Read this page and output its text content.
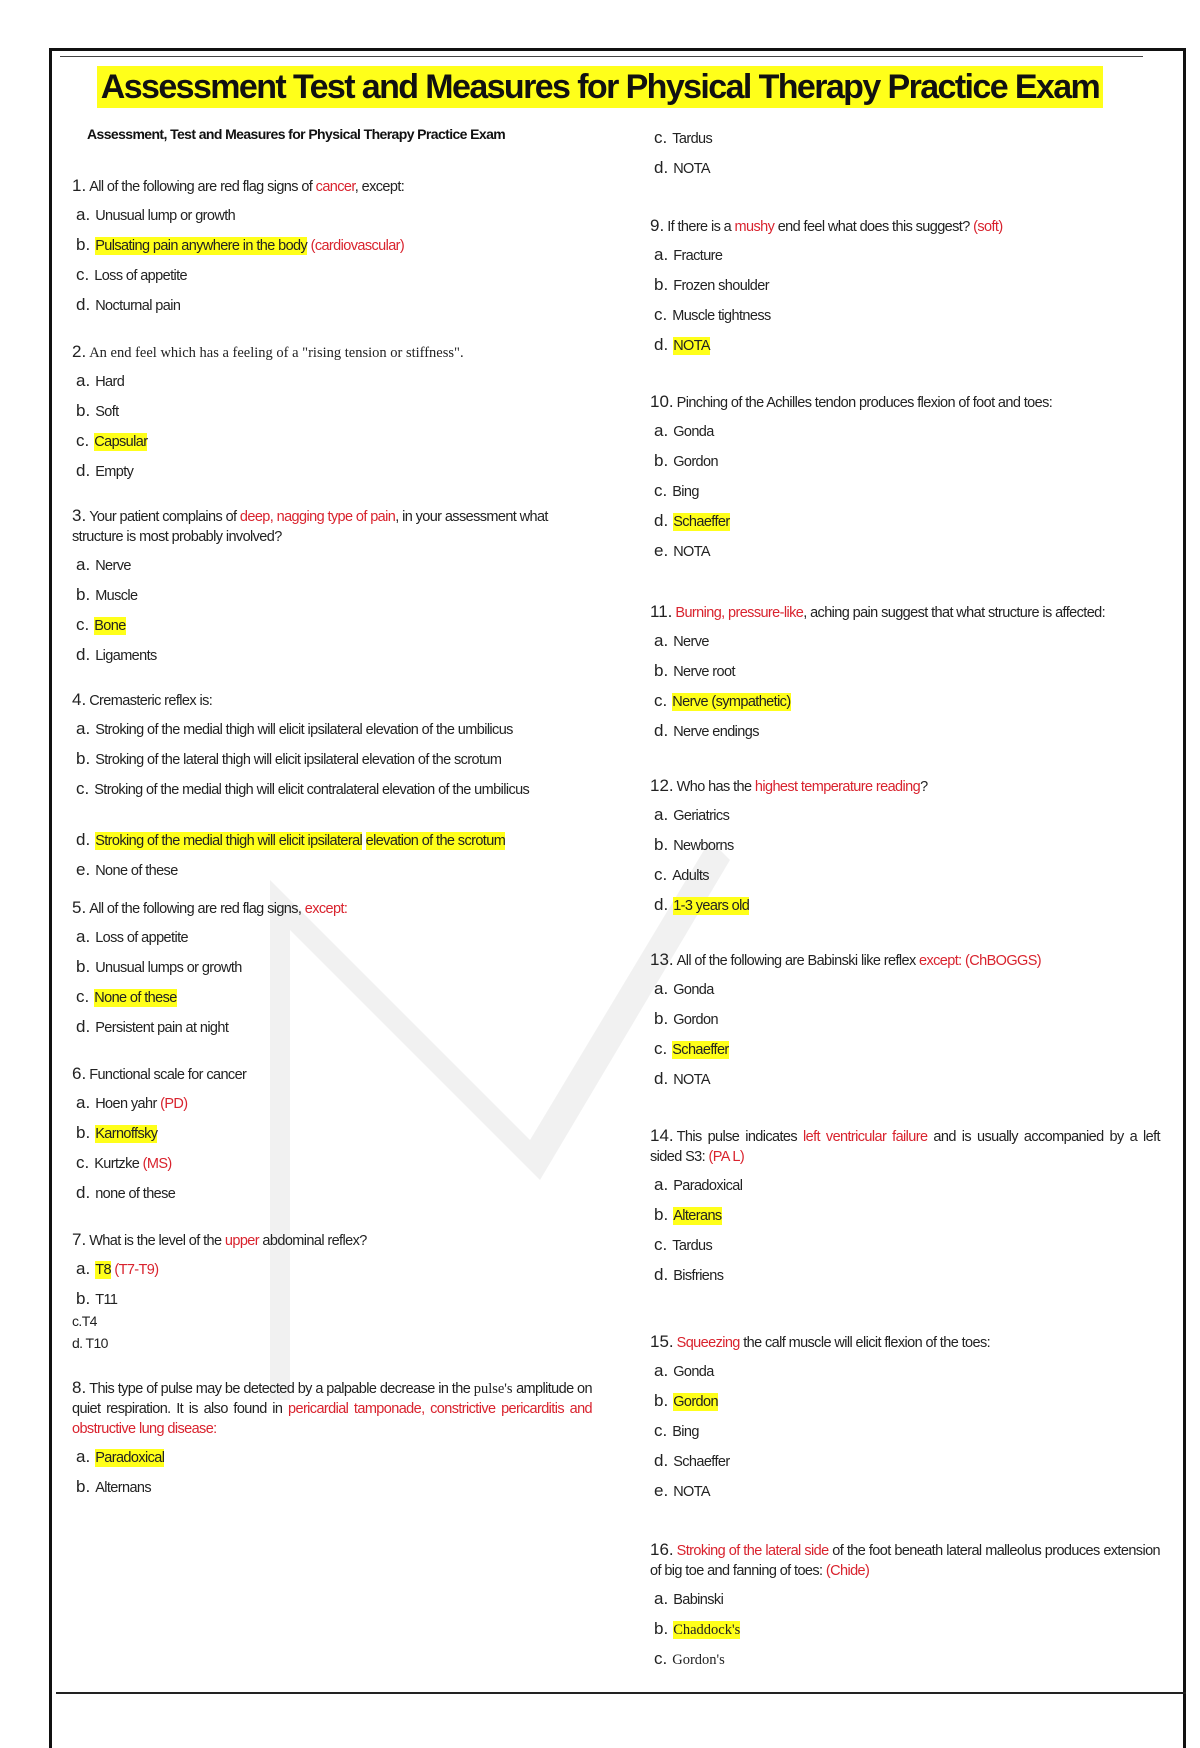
Assessment Test and Measures for Physical Therapy Practice Exam
Assessment, Test and Measures for Physical Therapy Practice Exam

1. All of the following are red flag signs of cancer, except:

a. Unusual lump or growth
b. Pulsating pain anywhere in the body (cardiovascular)
c. Loss of appetite
d. Nocturnal pain

2. An end feel which has a feeling of a "rising tension or stiffness".

a. Hard
b. Soft
c. Capsular
d. Empty

3. Your patient complains of deep, nagging type of pain, in your assessment what structure is most probably involved?

a. Nerve
b. Muscle
c. Bone
d. Ligaments

4. Cremasteric reflex is:

a. Stroking of the medial thigh will elicit ipsilateral elevation of the umbilicus
b. Stroking of the lateral thigh will elicit ipsilateral elevation of the scrotum
c. Stroking of the medial thigh will elicit contralateral elevation of the umbilicus
d. Stroking of the medial thigh will elicit ipsilateral elevation of the scrotum
e. None of these

5. All of the following are red flag signs, except:

a. Loss of appetite
b. Unusual lumps or growth
c. None of these
d. Persistent pain at night

6. Functional scale for cancer

a. Hoen yahr (PD)
b. Karnoffsky
c. Kurtzke (MS)
d. none of these

7. What is the level of the upper abdominal reflex?

a. T8 (T7-T9)
b. T11
c.T4
d. T10

8. This type of pulse may be detected by a palpable decrease in the pulse's amplitude on quiet respiration. It is also found in pericardial tamponade, constrictive pericarditis and obstructive lung disease:

a. Paradoxical
b. Alternans
c. Tardus
d. NOTA

9. If there is a mushy end feel what does this suggest? (soft)

a. Fracture
b. Frozen shoulder
c. Muscle tightness
d. NOTA

10. Pinching of the Achilles tendon produces flexion of foot and toes:

a. Gonda
b. Gordon
c. Bing
d. Schaeffer
e. NOTA

11. Burning, pressure-like, aching pain suggest that what structure is affected:

a. Nerve
b. Nerve root
c. Nerve (sympathetic)
d. Nerve endings

12. Who has the highest temperature reading?

a. Geriatrics
b. Newborns
c. Adults
d. 1-3 years old

13. All of the following are Babinski like reflex except: (ChBOGGS)

a. Gonda
b. Gordon
c. Schaeffer
d. NOTA

14. This pulse indicates left ventricular failure and is usually accompanied by a left sided S3: (PA L)

a. Paradoxical
b. Alterans
c. Tardus
d. Bisfriens

15. Squeezing the calf muscle will elicit flexion of the toes:

a. Gonda
b. Gordon
c. Bing
d. Schaeffer
e. NOTA

16. Stroking of the lateral side of the foot beneath lateral malleolus produces extension of big toe and fanning of toes: (Chide)

a. Babinski
b. Chaddock's
c. Gordon's
